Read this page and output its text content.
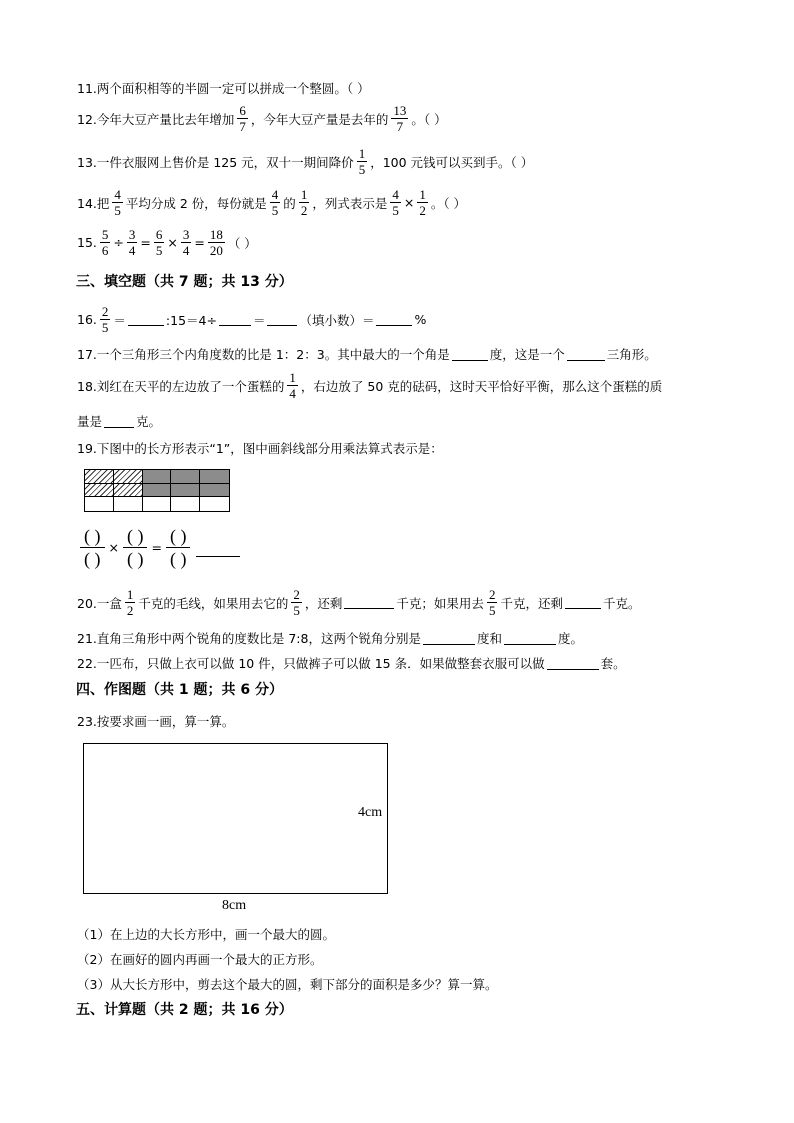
11.两个面积相等的半圆一定可以拼成一个整圆。（ ）
12.今年大豆产量比去年增加 $\frac{6}{7}$ ，今年大豆产量是去年的 $\frac{13}{7}$ 。（ ）
13.一件衣服网上售价是 125 元，双十一期间降价 $\frac{1}{5}$ ，100 元钱可以买到手。（ ）
14.把 $\frac{4}{5}$ 平均分成 2 份，每份就是 $\frac{4}{5}$ 的 $\frac{1}{2}$ ，列式表示是 $\frac{4}{5} \times \frac{1}{2}$ 。（ ）
15. $\frac{5}{6} \div \frac{3}{4} = \frac{6}{5} \times \frac{3}{4} = \frac{18}{20}$ （ ）
三、填空题（共 7 题；共 13 分）
16. $\frac{2}{5}$ ＝	:15＝4÷	＝	（填小数）＝	%
17.一个三角形三个内角度数的比是 1：2：3。其中最大的一个角是	度，这是一个	三角形。
18.刘红在天平的左边放了一个蛋糕的 $\frac{1}{4}$ ，右边放了 50 克的砝码，这时天平恰好平衡，那么这个蛋糕的质
量是	克。
19.下图中的长方形表示“1”，图中画斜线部分用乘法算式表示是：
( )
( )
×
( )
( )
=
( )
( )
20.一盒 $\frac{1}{2}$ 千克的毛线，如果用去它的 $\frac{2}{5}$ ，还剩	千克；如果用去 $\frac{2}{5}$ 千克，还剩	千克。
21.直角三角形中两个锐角的度数比是 7:8，这两个锐角分别是	度和	度。
22.一匹布，只做上衣可以做 10 件，只做裤子可以做 15 条．如果做整套衣服可以做	套。
四、作图题（共 1 题；共 6 分）
23.按要求画一画，算一算。
4cm
8cm
（1）在上边的大长方形中，画一个最大的圆。
（2）在画好的圆内再画一个最大的正方形。
（3）从大长方形中，剪去这个最大的圆，剩下部分的面积是多少？算一算。
五、计算题（共 2 题；共 16 分）
